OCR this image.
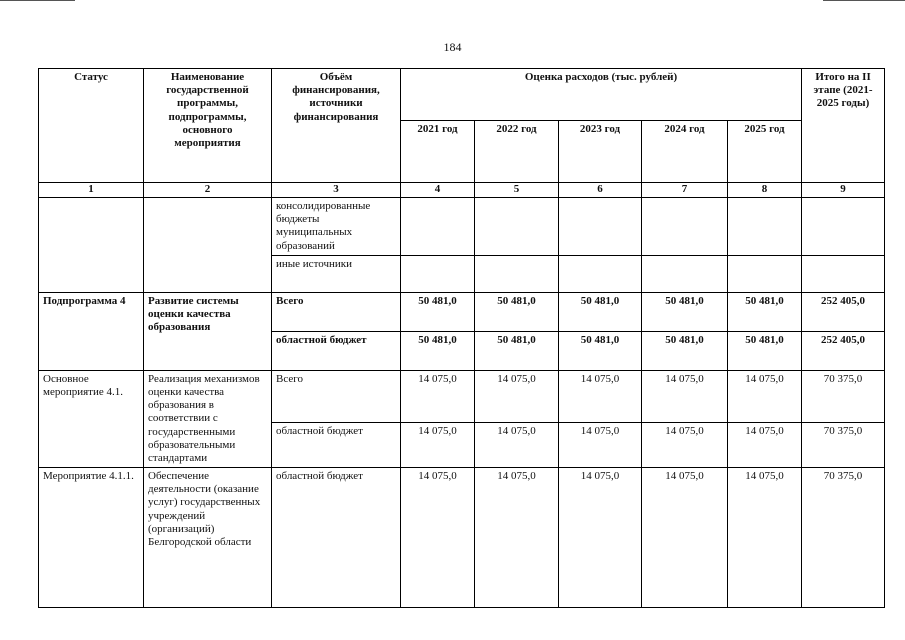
184
Статус	Наименование государственной программы, подпрограммы, основного мероприятия	Объём финансирования, источники финансирования	Оценка расходов (тыс. рублей)					Итого на II этапе (2021-2025 годы)
			2021 год	2022 год	2023 год	2024 год	2025 год	
1	2	3	4	5	6	7	8	9
		консолидированные бюджеты муниципальных образований						
		иные источники						
Подпрограмма 4	Развитие системы оценки качества образования	Всего	50 481,0	50 481,0	50 481,0	50 481,0	50 481,0	252 405,0
		областной бюджет	50 481,0	50 481,0	50 481,0	50 481,0	50 481,0	252 405,0
Основное мероприятие 4.1.	Реализация механизмов оценки качества образования в соответствии с государственными образовательными стандартами	Всего	14 075,0	14 075,0	14 075,0	14 075,0	14 075,0	70 375,0
		областной бюджет	14 075,0	14 075,0	14 075,0	14 075,0	14 075,0	70 375,0
Мероприятие 4.1.1.	Обеспечение деятельности (оказание услуг) государственных учреждений (организаций) Белгородской области	областной бюджет	14 075,0	14 075,0	14 075,0	14 075,0	14 075,0	70 375,0
